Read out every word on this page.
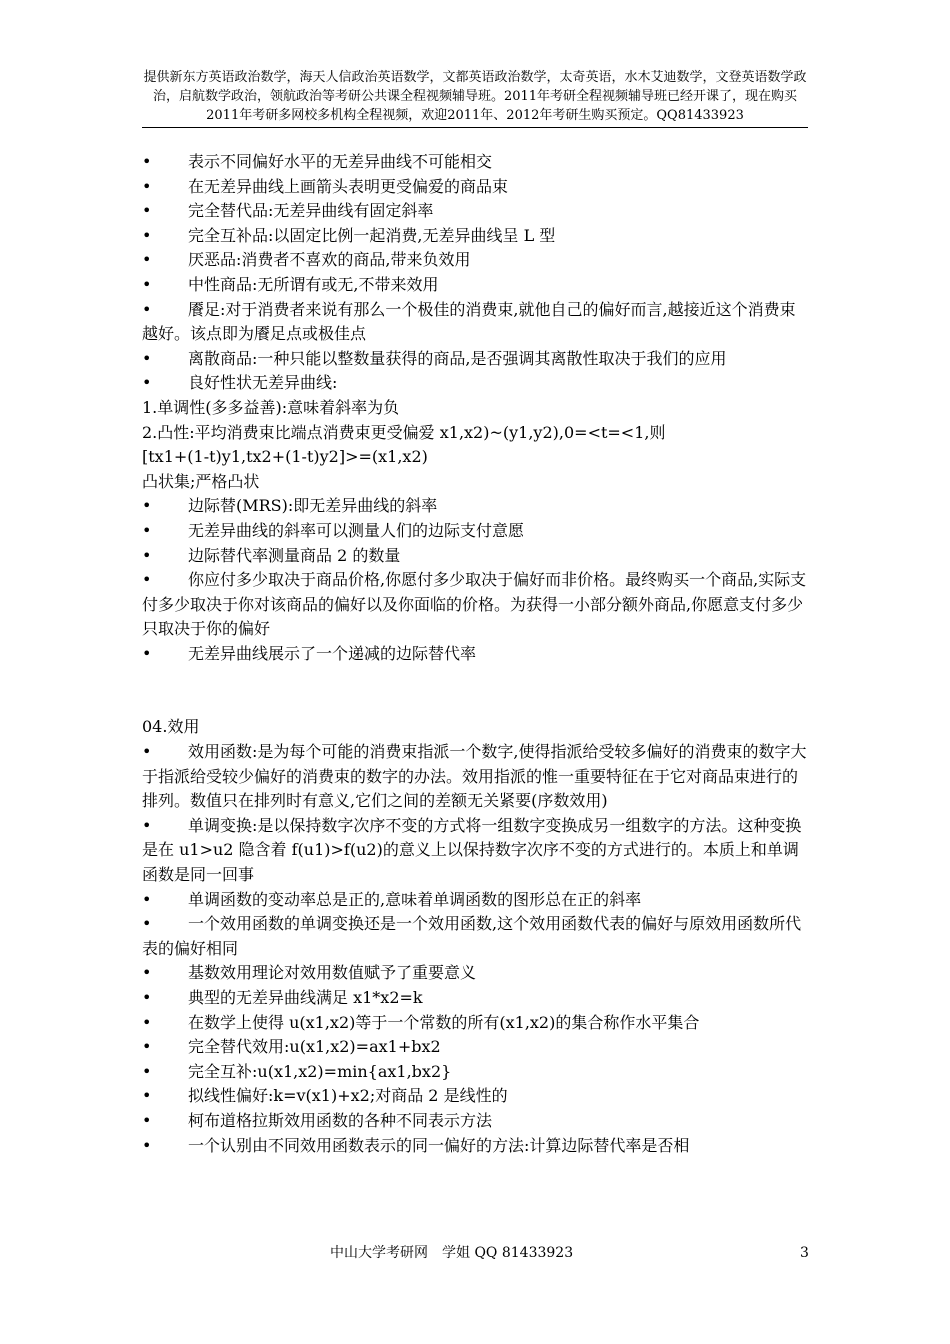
提供新东方英语政治数学，海天人信政治英语数学，文都英语政治数学，太奇英语，水木艾迪数学，文登英语数学政治，启航数学政治，领航政治等考研公共课全程视频辅导班。2011年考研全程视频辅导班已经开课了，现在购买2011年考研多网校多机构全程视频，欢迎2011年、2012年考研生购买预定。QQ81433923
• 表示不同偏好水平的无差异曲线不可能相交
• 在无差异曲线上画箭头表明更受偏爱的商品束
• 完全替代品:无差异曲线有固定斜率
• 完全互补品:以固定比例一起消费,无差异曲线呈 L 型
• 厌恶品:消费者不喜欢的商品,带来负效用
• 中性商品:无所谓有或无,不带来效用
• 餍足:对于消费者来说有那么一个极佳的消费束,就他自己的偏好而言,越接近这个消费束越好。该点即为餍足点或极佳点
• 离散商品:一种只能以整数量获得的商品,是否强调其离散性取决于我们的应用
• 良好性状无差异曲线:
1.单调性(多多益善):意味着斜率为负
2.凸性:平均消费束比端点消费束更受偏爱 x1,x2)~(y1,y2),0=<t=<1,则
[tx1+(1-t)y1,tx2+(1-t)y2]>=(x1,x2)
凸状集;严格凸状
• 边际替(MRS):即无差异曲线的斜率
• 无差异曲线的斜率可以测量人们的边际支付意愿
• 边际替代率测量商品 2 的数量
• 你应付多少取决于商品价格,你愿付多少取决于偏好而非价格。最终购买一个商品,实际支付多少取决于你对该商品的偏好以及你面临的价格。为获得一小部分额外商品,你愿意支付多少只取决于你的偏好
• 无差异曲线展示了一个递减的边际替代率
04.效用
• 效用函数:是为每个可能的消费束指派一个数字,使得指派给受较多偏好的消费束的数字大于指派给受较少偏好的消费束的数字的办法。效用指派的惟一重要特征在于它对商品束进行的排列。数值只在排列时有意义,它们之间的差额无关紧要(序数效用)
• 单调变换:是以保持数字次序不变的方式将一组数字变换成另一组数字的方法。这种变换是在 u1>u2 隐含着 f(u1)>f(u2)的意义上以保持数字次序不变的方式进行的。本质上和单调函数是同一回事
• 单调函数的变动率总是正的,意味着单调函数的图形总在正的斜率
• 一个效用函数的单调变换还是一个效用函数,这个效用函数代表的偏好与原效用函数所代表的偏好相同
• 基数效用理论对效用数值赋予了重要意义
• 典型的无差异曲线满足 x1*x2=k
• 在数学上使得 u(x1,x2)等于一个常数的所有(x1,x2)的集合称作水平集合
• 完全替代效用:u(x1,x2)=ax1+bx2
• 完全互补:u(x1,x2)=min{ax1,bx2}
• 拟线性偏好:k=v(x1)+x2;对商品 2 是线性的
• 柯布道格拉斯效用函数的各种不同表示方法
• 一个认别由不同效用函数表示的同一偏好的方法:计算边际替代率是否相
中山大学考研网　学姐 QQ 81433923	3
